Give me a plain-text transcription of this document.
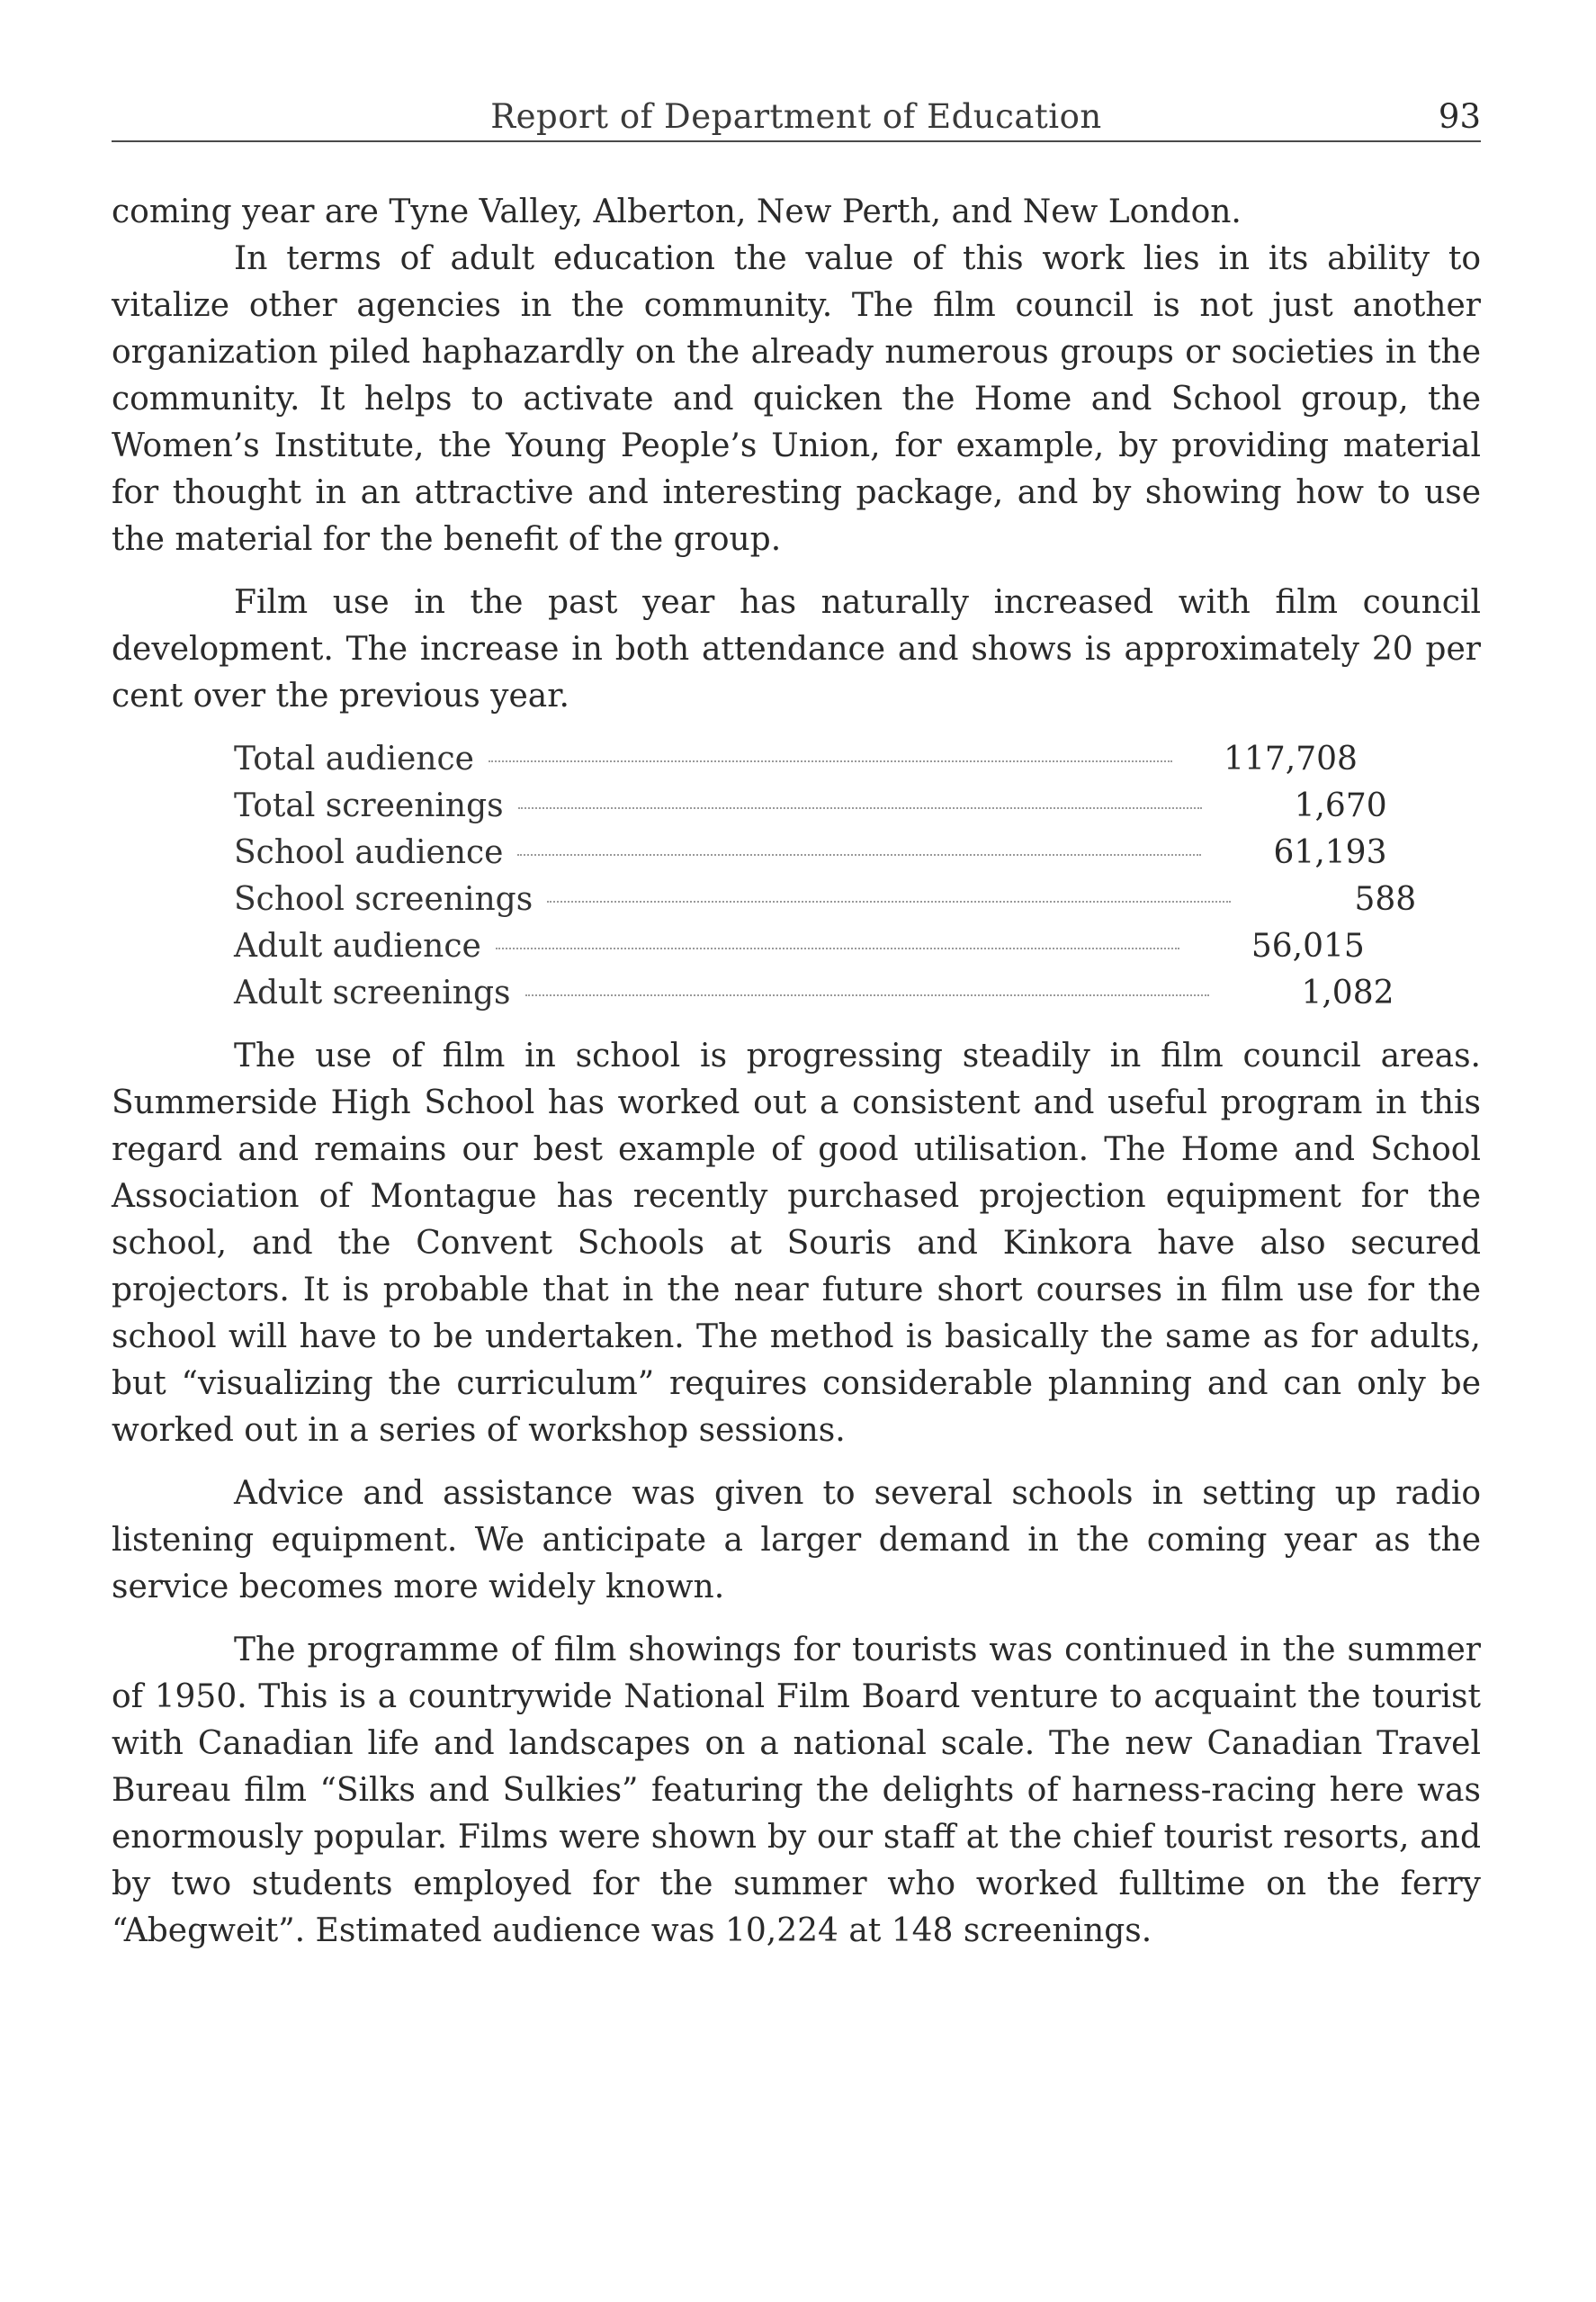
Report of Department of Education	93

coming year are Tyne Valley, Alberton, New Perth, and New London.

In terms of adult education the value of this work lies in its ability to vitalize other agencies in the community. The film council is not just another organization piled haphazardly on the already numerous groups or societies in the community. It helps to activate and quicken the Home and School group, the Women’s Institute, the Young People’s Union, for example, by providing material for thought in an attractive and interesting package, and by showing how to use the material for the benefit of the group.

Film use in the past year has naturally increased with film council development. The increase in both attendance and shows is approximately 20 per cent over the previous year.

Total audience	117,708
Total screenings	1,670
School audience	61,193
School screenings	588
Adult audience	56,015
Adult screenings	1,082

The use of film in school is progressing steadily in film council areas. Summerside High School has worked out a consistent and useful program in this regard and remains our best example of good utilisation. The Home and School Association of Montague has recently purchased projection equipment for the school, and the Convent Schools at Souris and Kinkora have also secured projectors. It is probable that in the near future short courses in film use for the school will have to be undertaken. The method is basically the same as for adults, but “visualizing the curriculum” requires considerable planning and can only be worked out in a series of workshop sessions.

Advice and assistance was given to several schools in setting up radio listening equipment. We anticipate a larger demand in the coming year as the service becomes more widely known.

The programme of film showings for tourists was continued in the summer of 1950. This is a countrywide National Film Board venture to acquaint the tourist with Canadian life and landscapes on a national scale. The new Canadian Travel Bureau film “Silks and Sulkies” featuring the delights of harness-racing here was enormously popular. Films were shown by our staff at the chief tourist resorts, and by two students employed for the summer who worked fulltime on the ferry “Abegweit”. Estimated audience was 10,224 at 148 screenings.
